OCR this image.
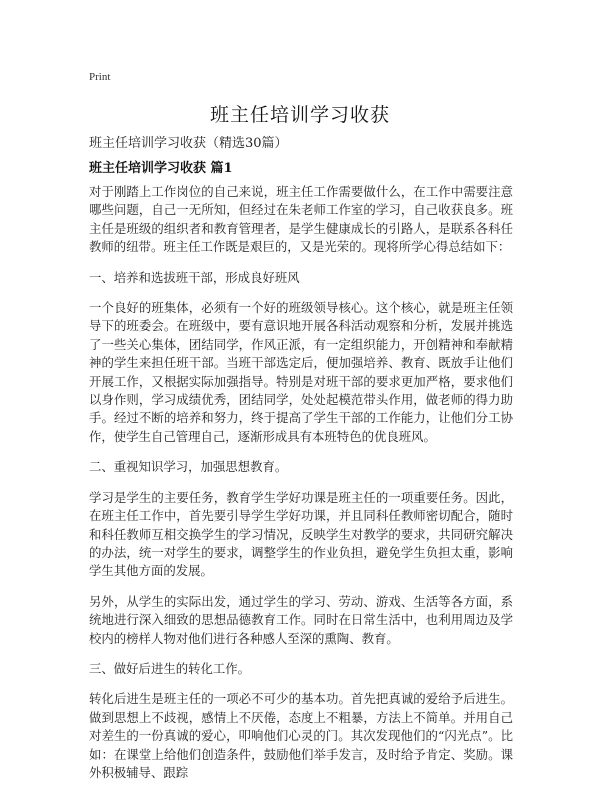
Print
班主任培训学习收获
班主任培训学习收获（精选30篇）
班主任培训学习收获 篇1

对于刚踏上工作岗位的自己来说，班主任工作需要做什么，在工作中需要注意哪些问题，自己一无所知，但经过在朱老师工作室的学习，自己收获良多。班主任是班级的组织者和教育管理者，是学生健康成长的引路人，是联系各科任教师的纽带。班主任工作既是艰巨的，又是光荣的。现将所学心得总结如下：

一、培养和选拔班干部，形成良好班风

一个良好的班集体，必须有一个好的班级领导核心。这个核心，就是班主任领导下的班委会。在班级中，要有意识地开展各科活动观察和分析，发展并挑选了一些关心集体，团结同学，作风正派，有一定组织能力，开创精神和奉献精神的学生来担任班干部。当班干部选定后，便加强培养、教育、既放手让他们开展工作，又根据实际加强指导。特别是对班干部的要求更加严格，要求他们以身作则，学习成绩优秀，团结同学，处处起模范带头作用，做老师的得力助手。经过不断的培养和努力，终于提高了学生干部的工作能力，让他们分工协作，使学生自己管理自己，逐渐形成具有本班特色的优良班风。

二、重视知识学习，加强思想教育。

学习是学生的主要任务，教育学生学好功课是班主任的一项重要任务。因此，在班主任工作中，首先要引导学生学好功课，并且同科任教师密切配合，随时和科任教师互相交换学生的学习情况，反映学生对教学的要求，共同研究解决的办法，统一对学生的要求，调整学生的作业负担，避免学生负担太重，影响学生其他方面的发展。

另外，从学生的实际出发，通过学生的学习、劳动、游戏、生活等各方面，系统地进行深入细致的思想品德教育工作。同时在日常生活中，也利用周边及学校内的榜样人物对他们进行各种感人至深的熏陶、教育。

三、做好后进生的转化工作。

转化后进生是班主任的一项必不可少的基本功。首先把真诚的爱给予后进生。做到思想上不歧视，感情上不厌倦，态度上不粗暴，方法上不简单。并用自己对差生的一份真诚的爱心，叩响他们心灵的门。其次发现他们的“闪光点”。比如：在课堂上给他们创造条件，鼓励他们举手发言，及时给予肯定、奖励。课外积极辅导、跟踪
